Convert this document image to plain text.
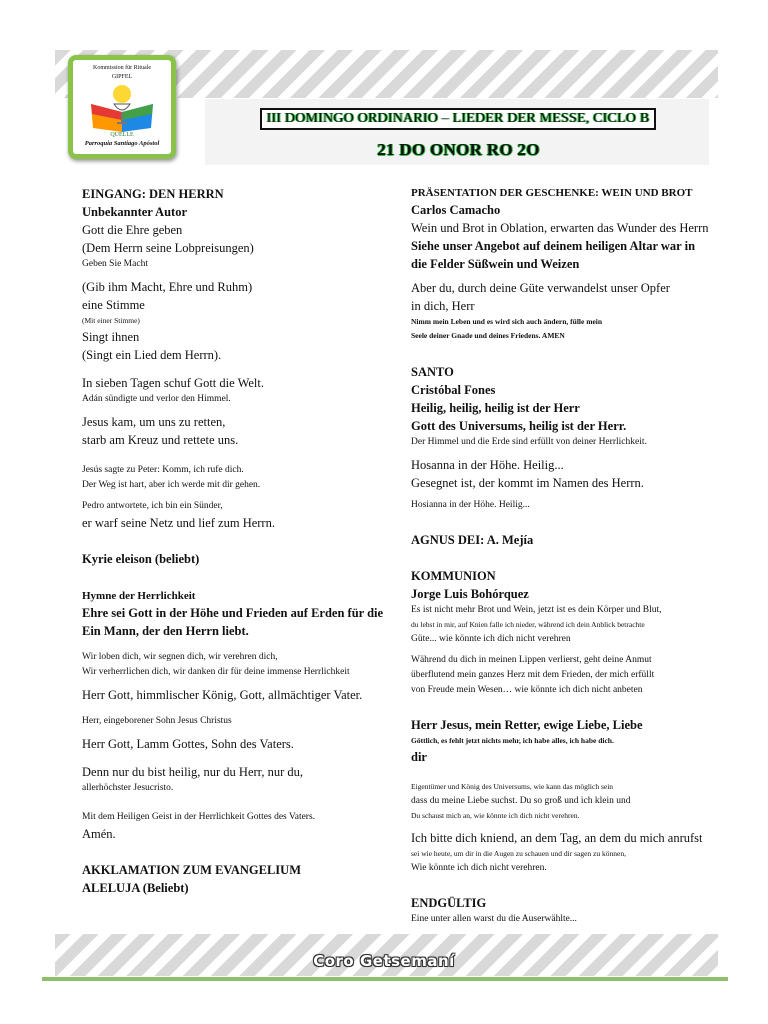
Kommission für Rituale
GIPFEL
QUELLE
Parroquia Santiago Apóstol
III DOMINGO ORDINARIO – LIEDER DER MESSE, CICLO B
21 DO ONOR RO 2O
EINGANG: DEN HERRN
Unbekannter Autor
Gott die Ehre geben
(Dem Herrn seine Lobpreisungen)
Geben Sie Macht
(Gib ihm Macht, Ehre und Ruhm)
eine Stimme
(Mit einer Stimme)
Singt ihnen
(Singt ein Lied dem Herrn).
In sieben Tagen schuf Gott die Welt.
Adán sündigte und verlor den Himmel.
Jesus kam, um uns zu retten,
starb am Kreuz und rettete uns.
Jesús sagte zu Peter: Komm, ich rufe dich.
Der Weg ist hart, aber ich werde mit dir gehen.
Pedro antwortete, ich bin ein Sünder,
er warf seine Netz und lief zum Herrn.
Kyrie eleison (beliebt)
Hymne der Herrlichkeit
Ehre sei Gott in der Höhe und Frieden auf Erden für die
Ein Mann, der den Herrn liebt.
Wir loben dich, wir segnen dich, wir verehren dich,
Wir verherrlichen dich, wir danken dir für deine immense Herrlichkeit
Herr Gott, himmlischer König, Gott, allmächtiger Vater.
Herr, eingeborener Sohn Jesus Christus
Herr Gott, Lamm Gottes, Sohn des Vaters.
Denn nur du bist heilig, nur du Herr, nur du,
allerhöchster Jesucristo.
Mit dem Heiligen Geist in der Herrlichkeit Gottes des Vaters.
Amén.
AKKLAMATION ZUM EVANGELIUM
ALELUJA (Beliebt)
PRÄSENTATION DER GESCHENKE: WEIN UND BROT
Carlos Camacho
Wein und Brot in Oblation, erwarten das Wunder des Herrn
Siehe unser Angebot auf deinem heiligen Altar war in
die Felder Süßwein und Weizen
Aber du, durch deine Güte verwandelst unser Opfer
in dich, Herr
Nimm mein Leben und es wird sich auch ändern, fülle mein
Seele deiner Gnade und deines Friedens. AMEN
SANTO
Cristóbal Fones
Heilig, heilig, heilig ist der Herr
Gott des Universums, heilig ist der Herr.
Der Himmel und die Erde sind erfüllt von deiner Herrlichkeit.
Hosanna in der Höhe. Heilig...
Gesegnet ist, der kommt im Namen des Herrn.
Hosianna in der Höhe. Heilig...
AGNUS DEI: A. Mejía
KOMMUNION
Jorge Luis Bohórquez
Es ist nicht mehr Brot und Wein, jetzt ist es dein Körper und Blut,
du lebst in mir, auf Knien falle ich nieder, während ich dein Anblick betrachte
Güte... wie könnte ich dich nicht verehren
Während du dich in meinen Lippen verlierst, geht deine Anmut
überflutend mein ganzes Herz mit dem Frieden, der mich erfüllt
von Freude mein Wesen… wie könnte ich dich nicht anbeten
Herr Jesus, mein Retter, ewige Liebe, Liebe
Göttlich, es fehlt jetzt nichts mehr, ich habe alles, ich habe dich.
dir
Eigentümer und König des Universums, wie kann das möglich sein
dass du meine Liebe suchst. Du so groß und ich klein und
Du schaust mich an, wie könnte ich dich nicht verehren.
Ich bitte dich kniend, an dem Tag, an dem du mich anrufst
sei wie heute, um dir in die Augen zu schauen und dir sagen zu können,
Wie könnte ich dich nicht verehren.
ENDGÜLTIG
Eine unter allen warst du die Auserwählte...
Coro Getsemaní
